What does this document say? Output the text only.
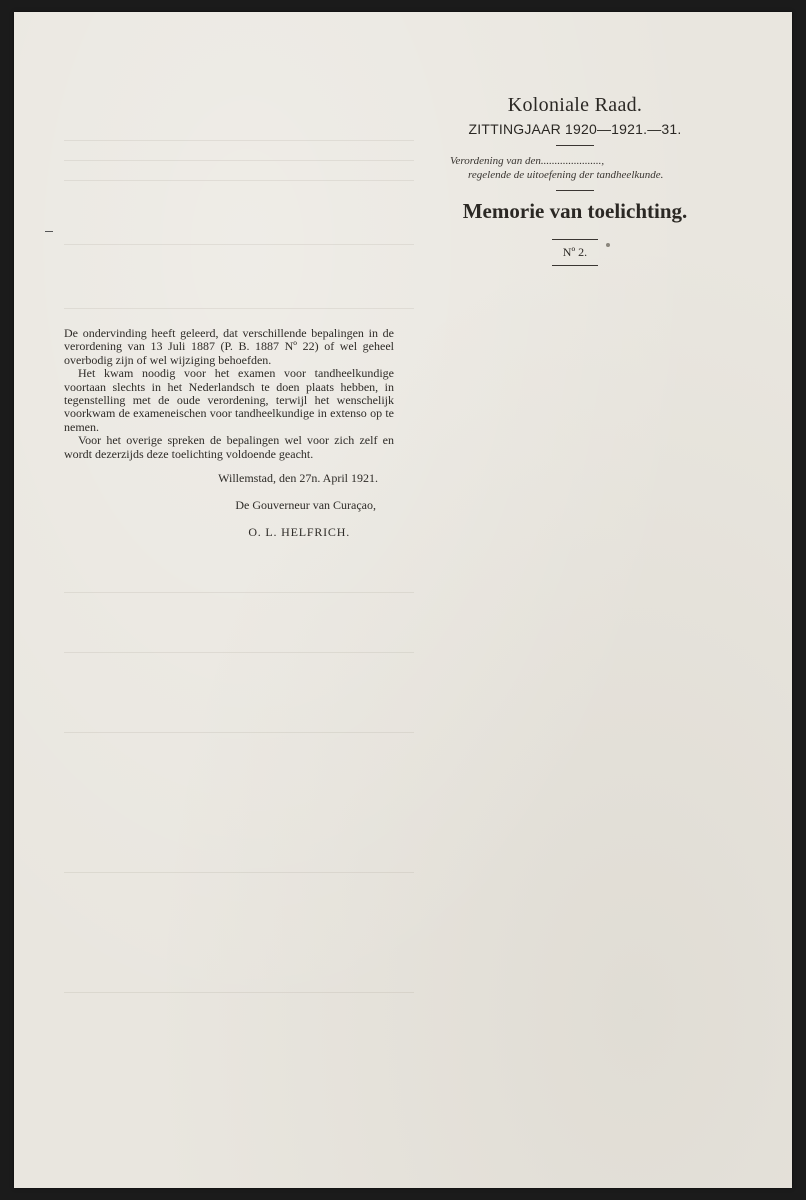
Koloniale Raad.
ZITTINGJAAR 1920—1921.—31.
Verordening van den......................,
regelende de uitoefening der tandheelkunde.
Memorie van toelichting.
Nº 2.

De ondervinding heeft geleerd, dat verschillende bepalingen in de verordening van 13 Juli 1887 (P. B. 1887 Nº 22) of wel geheel overbodig zijn of wel wijziging behoefden.

Het kwam noodig voor het examen voor tandheelkundige voortaan slechts in het Nederlandsch te doen plaats hebben, in tegenstelling met de oude verordening, terwijl het wenschelijk voorkwam de exameneischen voor tandheelkundige in extenso op te nemen.

Voor het overige spreken de bepalingen wel voor zich zelf en wordt dezerzijds deze toelichting voldoende geacht.

Willemstad, den 27n. April 1921.
De Gouverneur van Curaçao,
O. L. HELFRICH.
